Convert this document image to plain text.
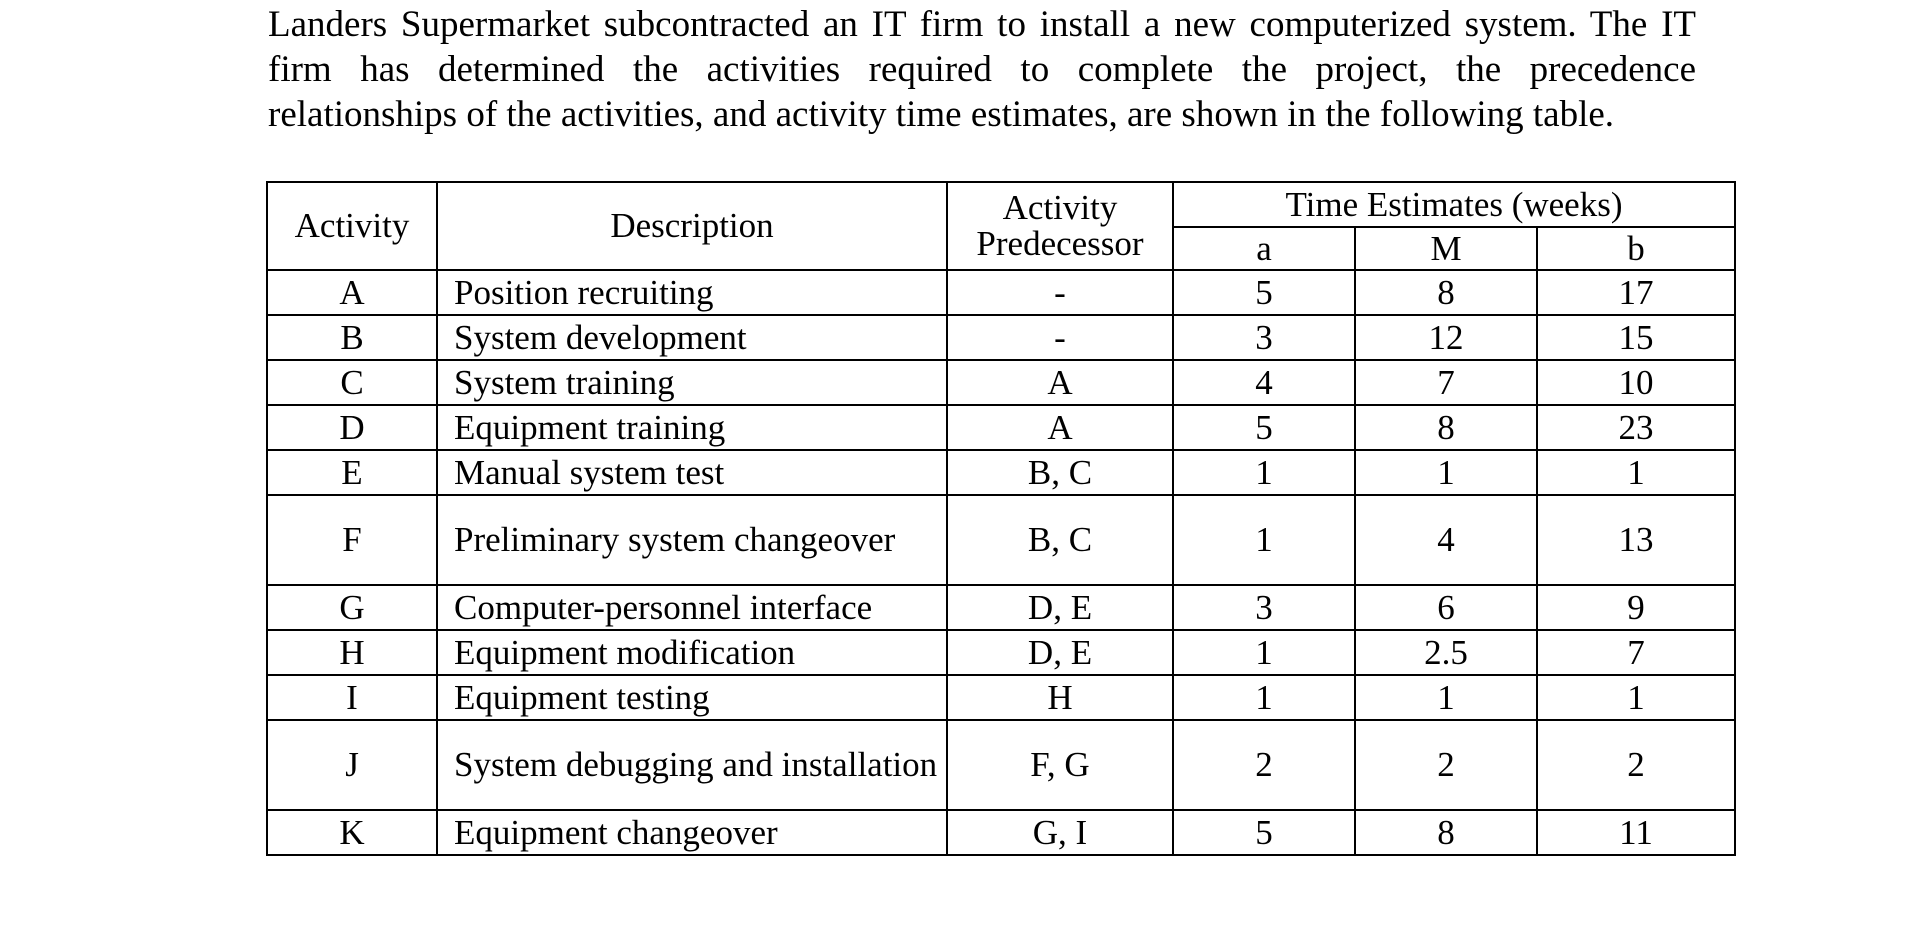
Landers Supermarket subcontracted an IT firm to install a new computerized system. The IT
firm has determined the activities required to complete the project, the precedence
relationships of the activities, and activity time estimates, are shown in the following table.
Activity	Description	Activity
Predecessor	Time Estimates (weeks)		
			a	M	b
A	Position recruiting	-	5	8	17
B	System development	-	3	12	15
C	System training	A	4	7	10
D	Equipment training	A	5	8	23
E	Manual system test	B, C	1	1	1
F	Preliminary system changeover	B, C	1	4	13
G	Computer-personnel interface	D, E	3	6	9
H	Equipment modification	D, E	1	2.5	7
I	Equipment testing	H	1	1	1
J	System debugging and installation	F, G	2	2	2
K	Equipment changeover	G, I	5	8	11
